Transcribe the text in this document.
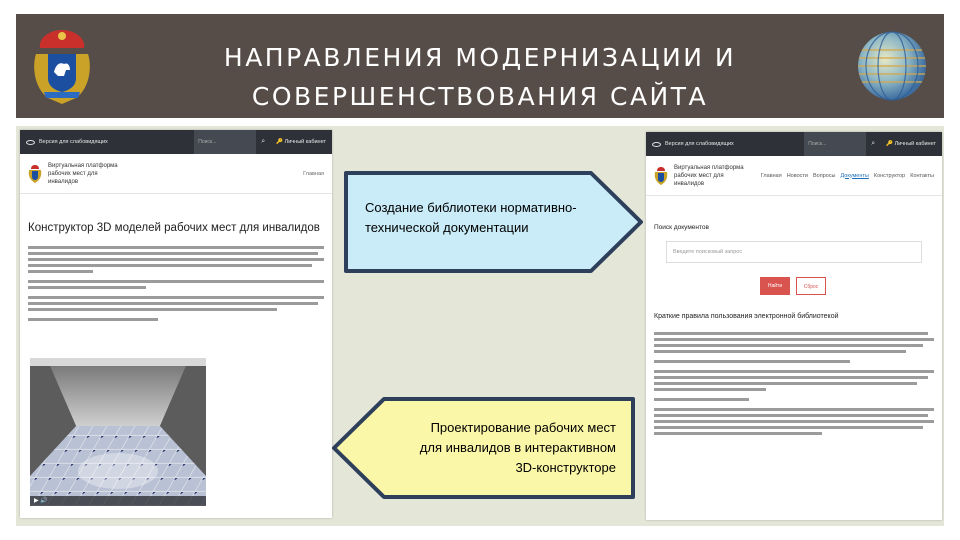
НАПРАВЛЕНИЯ МОДЕРНИЗАЦИИ И
СОВЕРШЕНСТВОВАНИЯ САЙТА
Версия для слабовидящих	Поиск...	⌕	🔑 Личный кабинет
Виртуальная платформа
рабочих мест для инвалидов
Главная
Конструктор 3D моделей рабочих мест для инвалидов
▶ 🔊
Версия для слабовидящих	Поиск...	⌕	🔑 Личный кабинет
Виртуальная платформа
рабочих мест для инвалидов
Главная Новости Вопросы Документы Конструктор Контакты
Поиск документов
Введите поисковый запрос
Найти	Сброс
Краткие правила пользования электронной библиотекой
Создание библиотеки нормативно-
технической документации
Проектирование рабочих мест
для инвалидов в интерактивном
3D-конструкторе
